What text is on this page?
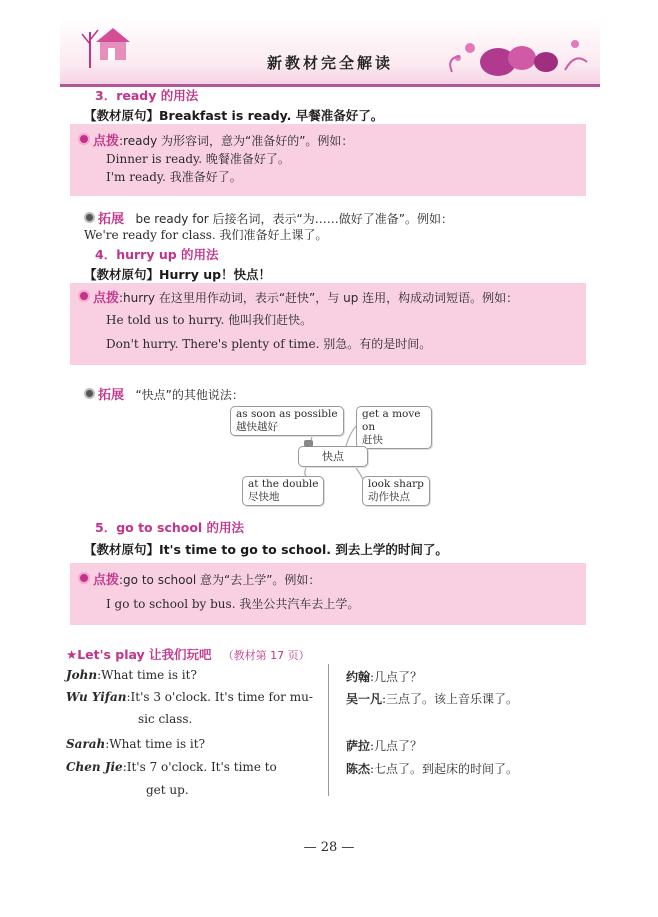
新教材完全解读
3．ready 的用法
【教材原句】Breakfast is ready. 早餐准备好了。
点拨:ready 为形容词，意为“准备好的”。例如：
Dinner is ready. 晚餐准备好了。
I'm ready. 我准备好了。
拓展 be ready for 后接名词，表示“为……做好了准备”。例如：
We're ready for class. 我们准备好上课了。
4．hurry up 的用法
【教材原句】Hurry up！快点！
点拨:hurry 在这里用作动词，表示“赶快”，与 up 连用，构成动词短语。例如：
He told us to hurry. 他叫我们赶快。
Don't hurry. There's plenty of time. 别急。有的是时间。
拓展 “快点”的其他说法：
as soon as possible
越快越好
get a move on
赶快
快点
at the double
尽快地
look sharp
动作快点
5．go to school 的用法
【教材原句】It's time to go to school. 到去上学的时间了。
点拨:go to school 意为“去上学”。例如：
I go to school by bus. 我坐公共汽车去上学。
★Let's play 让我们玩吧 （教材第 17 页）
John:What time is it?
Wu Yifan:It's 3 o'clock. It's time for mu-
sic class.
Sarah:What time is it?
Chen Jie:It's 7 o'clock. It's time to
get up.
约翰:几点了？
吴一凡:三点了。该上音乐课了。
萨拉:几点了？
陈杰:七点了。到起床的时间了。
— 28 —
